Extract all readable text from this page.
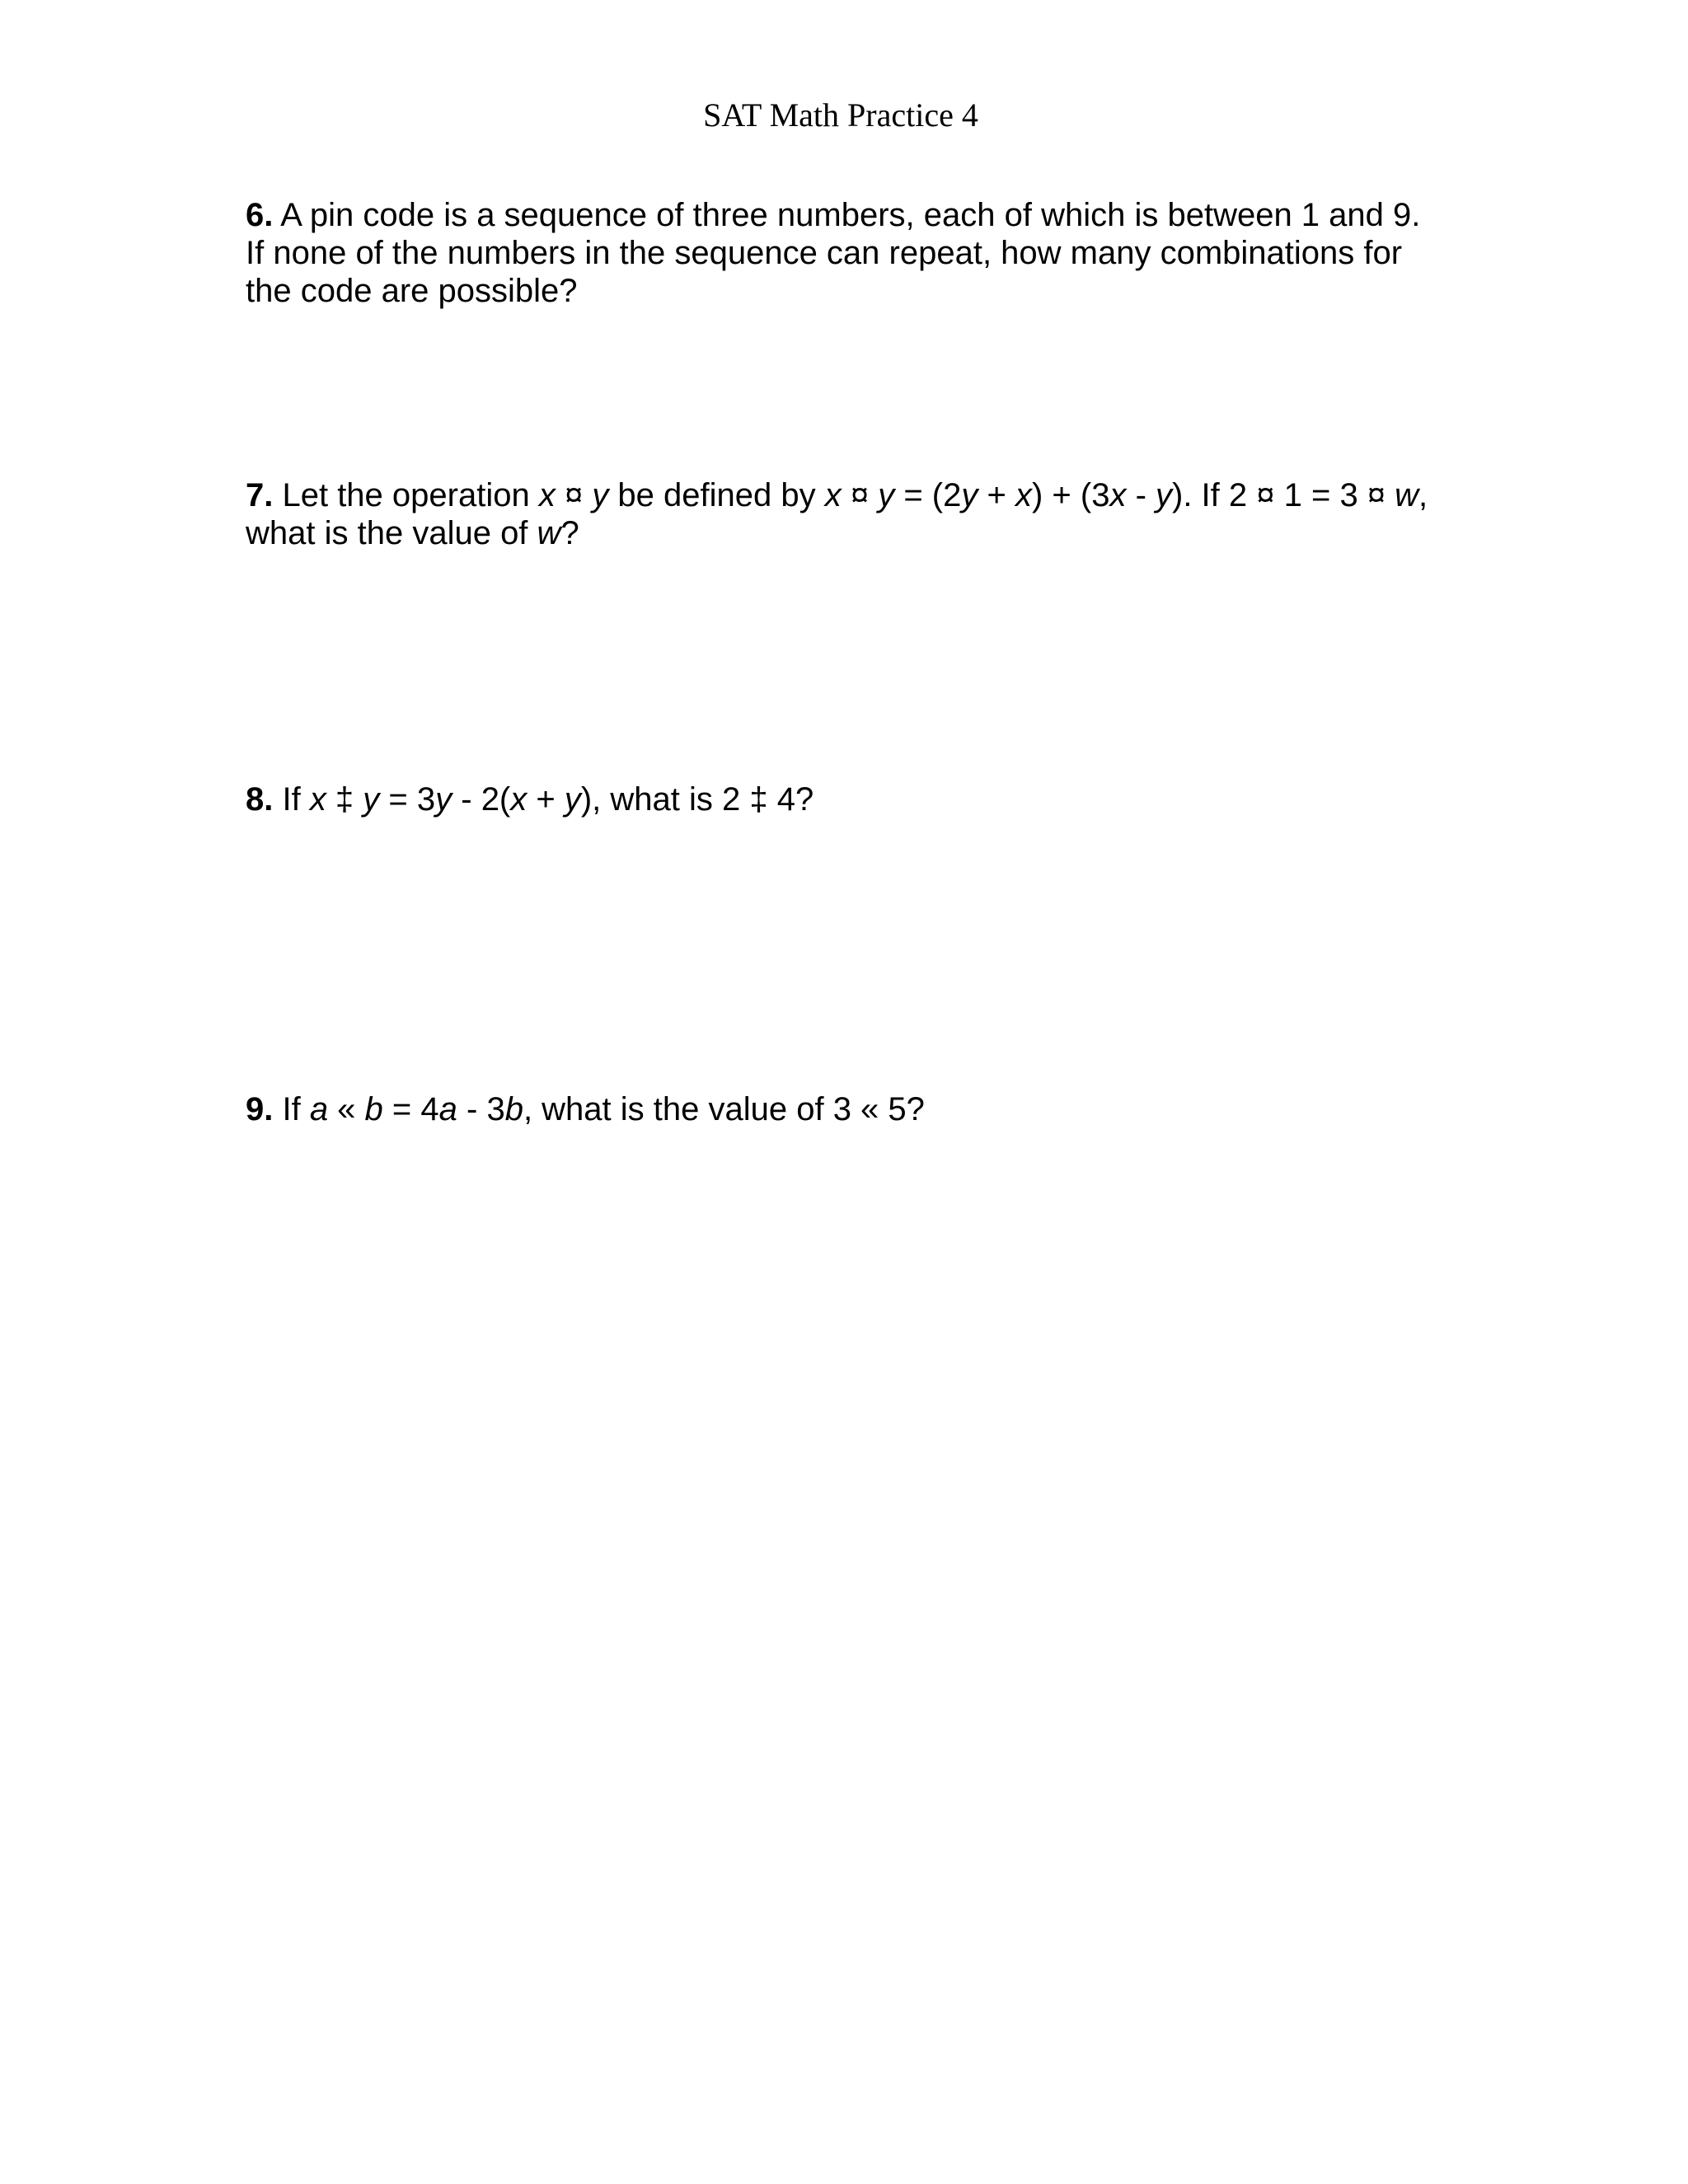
SAT Math Practice 4
6. A pin code is a sequence of three numbers, each of which is between 1 and 9.
If none of the numbers in the sequence can repeat, how many combinations for
the code are possible?
7. Let the operation x ¤ y be defined by x ¤ y = (2y + x) + (3x - y). If 2 ¤ 1 = 3 ¤ w,
what is the value of w?
8. If x ‡ y = 3y - 2(x + y), what is 2 ‡ 4?
9. If a « b = 4a - 3b, what is the value of 3 « 5?
